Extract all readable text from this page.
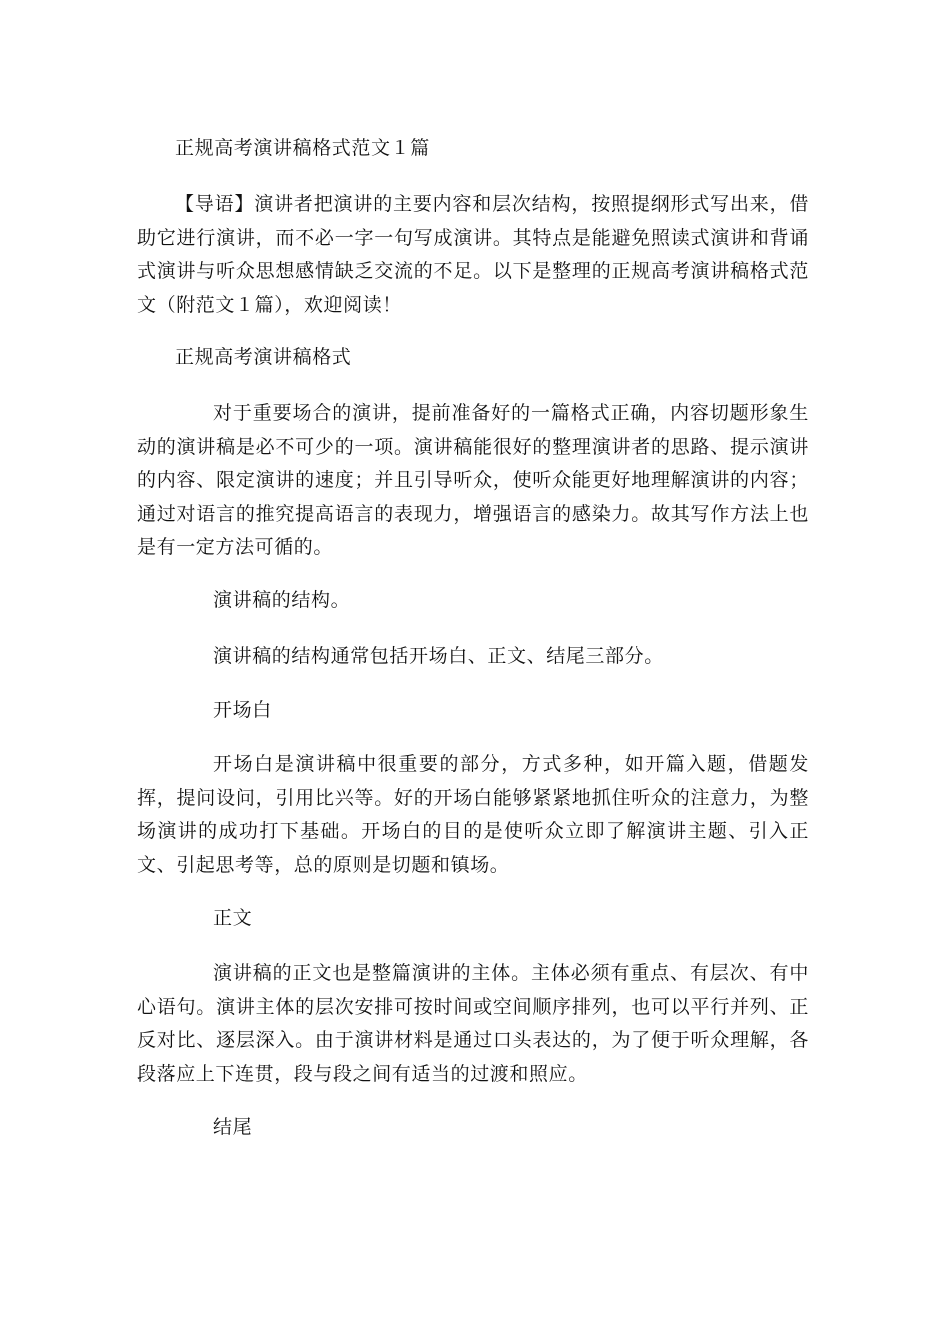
正规高考演讲稿格式范文１篇

【导语】演讲者把演讲的主要内容和层次结构，按照提纲形式写出来，借助它进行演讲，而不必一字一句写成演讲。其特点是能避免照读式演讲和背诵式演讲与听众思想感情缺乏交流的不足。以下是整理的正规高考演讲稿格式范文（附范文１篇），欢迎阅读！

正规高考演讲稿格式

对于重要场合的演讲，提前准备好的一篇格式正确，内容切题形象生动的演讲稿是必不可少的一项。演讲稿能很好的整理演讲者的思路、提示演讲的内容、限定演讲的速度；并且引导听众，使听众能更好地理解演讲的内容；通过对语言的推究提高语言的表现力，增强语言的感染力。故其写作方法上也是有一定方法可循的。

演讲稿的结构。

演讲稿的结构通常包括开场白、正文、结尾三部分。

开场白

开场白是演讲稿中很重要的部分，方式多种，如开篇入题，借题发挥，提问设问，引用比兴等。好的开场白能够紧紧地抓住听众的注意力，为整场演讲的成功打下基础。开场白的目的是使听众立即了解演讲主题、引入正文、引起思考等，总的原则是切题和镇场。

正文

演讲稿的正文也是整篇演讲的主体。主体必须有重点、有层次、有中心语句。演讲主体的层次安排可按时间或空间顺序排列，也可以平行并列、正反对比、逐层深入。由于演讲材料是通过口头表达的，为了便于听众理解，各段落应上下连贯，段与段之间有适当的过渡和照应。

结尾
